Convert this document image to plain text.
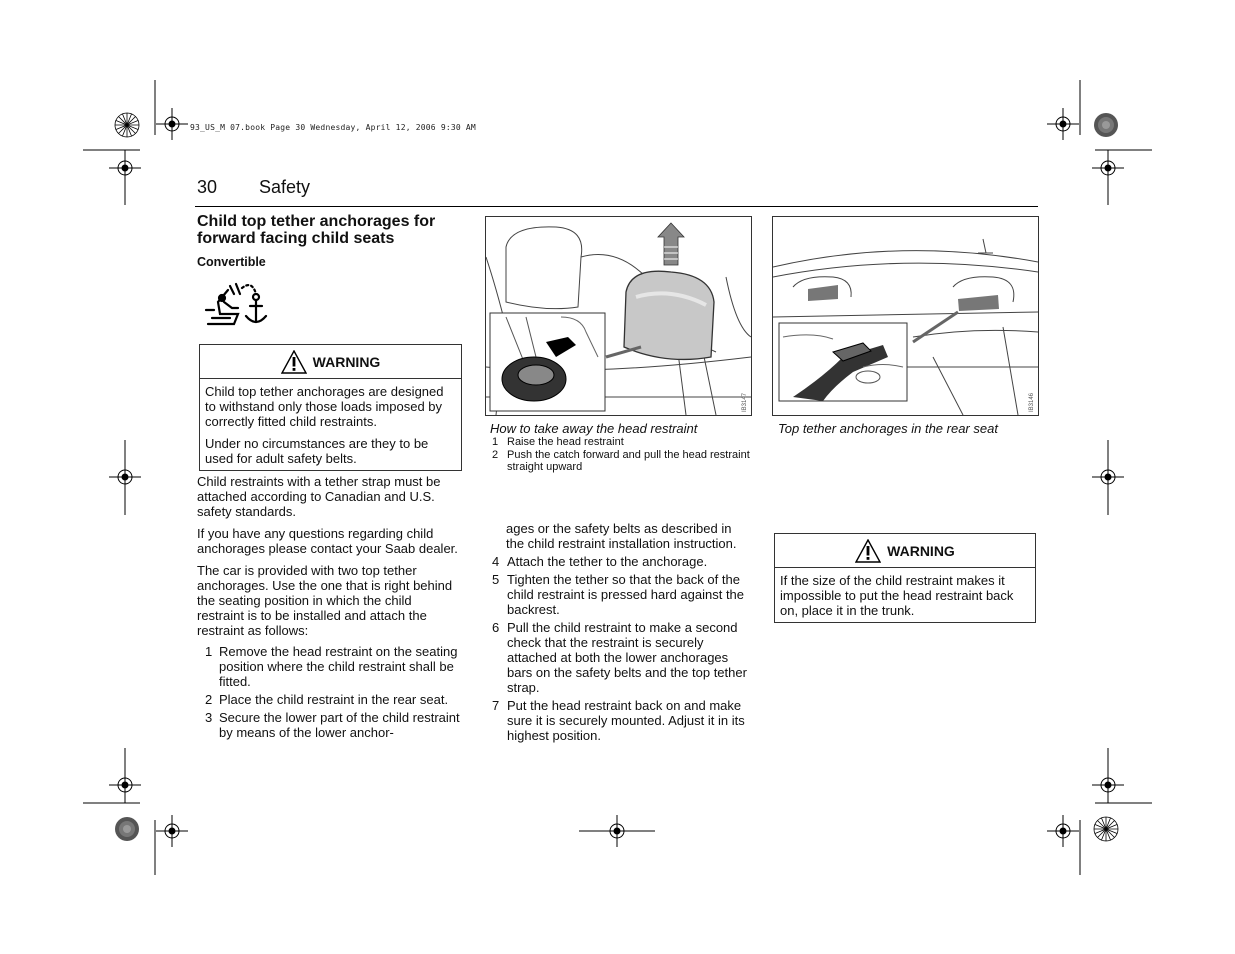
93_US_M 07.book Page 30 Wednesday, April 12, 2006 9:30 AM
30 Safety
Child top tether anchorages for forward facing child seats
Convertible
WARNING

Child top tether anchorages are designed to withstand only those loads imposed by correctly fitted child restraints.

Under no circumstances are they to be used for adult safety belts.

Child restraints with a tether strap must be attached according to Canadian and U.S. safety standards.

If you have any questions regarding child anchorages please contact your Saab dealer.

The car is provided with two top tether anchorages. Use the one that is right behind the seating position in which the child restraint is to be installed and attach the restraint as follows:

1 Remove the head restraint on the seating position where the child restraint shall be fitted.
2 Place the child restraint in the rear seat.
3 Secure the lower part of the child restraint by means of the lower anchor-
IB3147
How to take away the head restraint
1 Raise the head restraint
2 Push the catch forward and pull the head restraint straight upward

ages or the safety belts as described in the child restraint installation instruction.

4 Attach the tether to the anchorage.
5 Tighten the tether so that the back of the child restraint is pressed hard against the backrest.
6 Pull the child restraint to make a second check that the restraint is securely attached at both the lower anchorages bars on the safety belts and the top tether strap.
7 Put the head restraint back on and make sure it is securely mounted. Adjust it in its highest position.
IB3146
Top tether anchorages in the rear seat
WARNING

If the size of the child restraint makes it impossible to put the head restraint back on, place it in the trunk.
